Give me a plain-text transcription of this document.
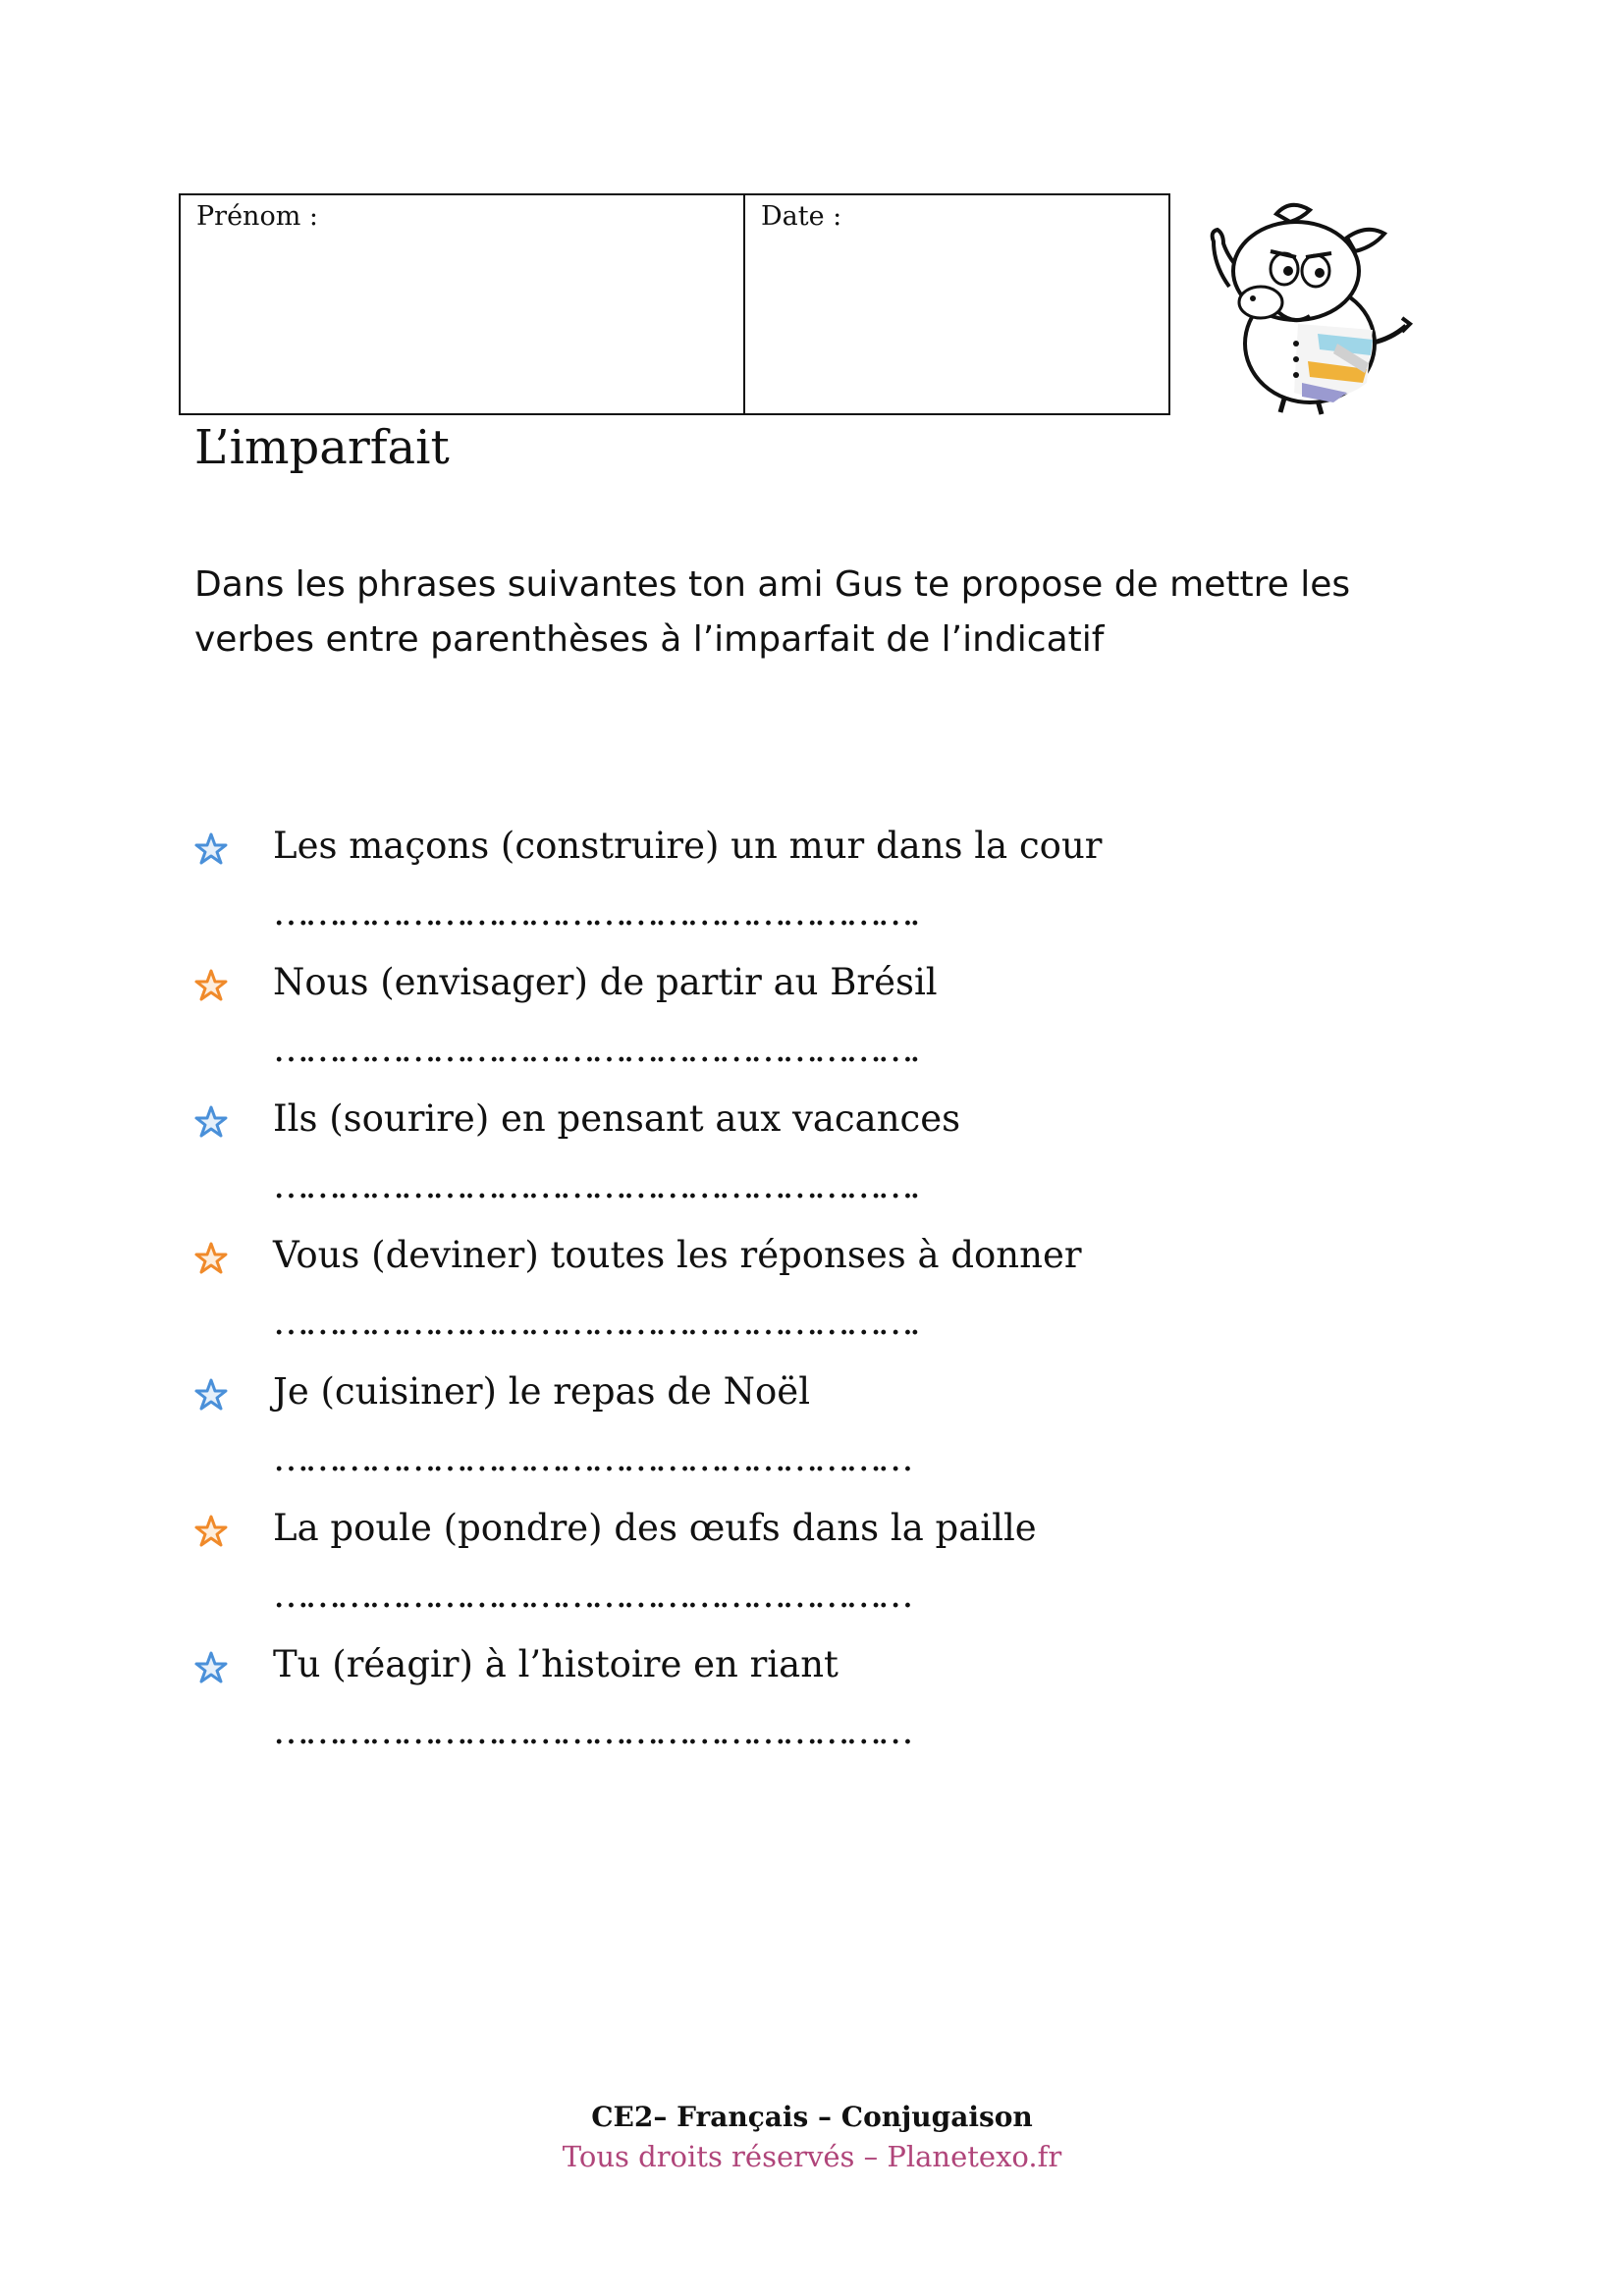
Prénom :	Date :
L’imparfait

Dans les phrases suivantes ton ami Gus te propose de mettre les verbes entre parenthèses à l’imparfait de l’indicatif

Les maçons (construire) un mur dans la cour
…………………………………………………….
Nous (envisager) de partir au Brésil
…………………………………………………….
Ils (sourire) en pensant aux vacances
…………………………………………………….
Vous (deviner) toutes les réponses à donner
…………………………………………………….
Je (cuisiner) le repas de Noël
……………………………………………………
La poule (pondre) des œufs dans la paille
……………………………………………………
Tu (réagir) à l’histoire en riant
……………………………………………………
CE2– Français – Conjugaison
Tous droits réservés – Planetexo.fr
